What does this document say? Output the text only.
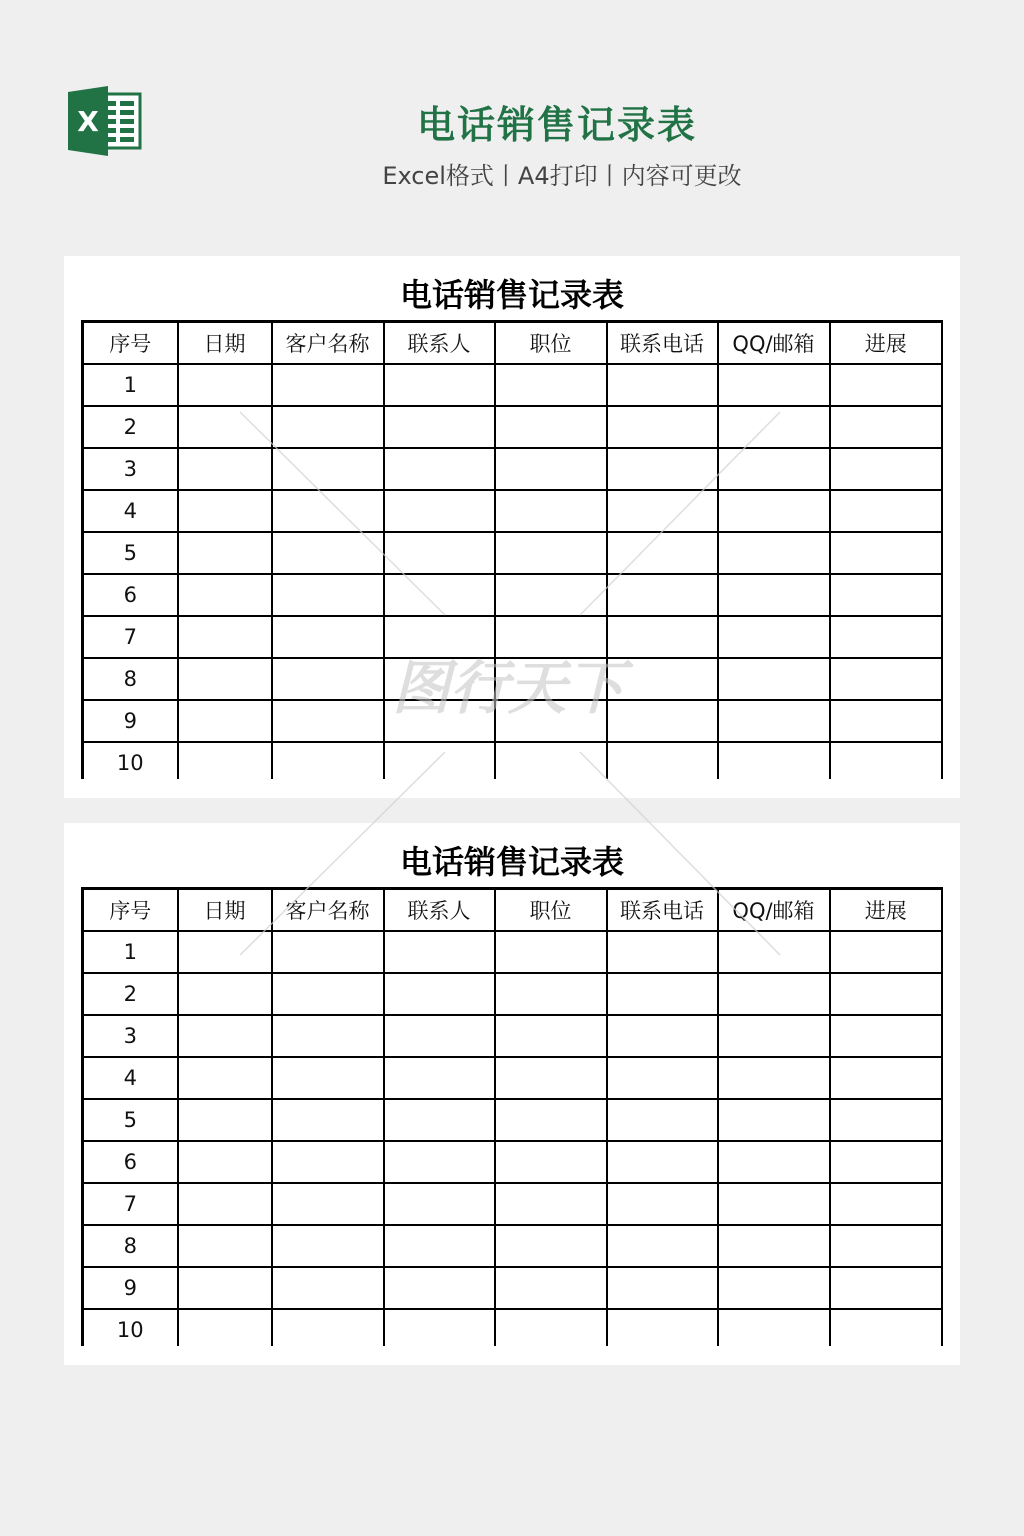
X	电话销售记录表
Excel格式丨A4打印丨内容可更改
电话销售记录表
序号	日期	客户名称	联系人	职位	联系电话	QQ/邮箱	进展
1							
2							
3							
4							
5							
6							
7							
8							
9							
10							
电话销售记录表
序号	日期	客户名称	联系人	职位	联系电话	QQ/邮箱	进展
1							
2							
3							
4							
5							
6							
7							
8							
9							
10							
图行天下
